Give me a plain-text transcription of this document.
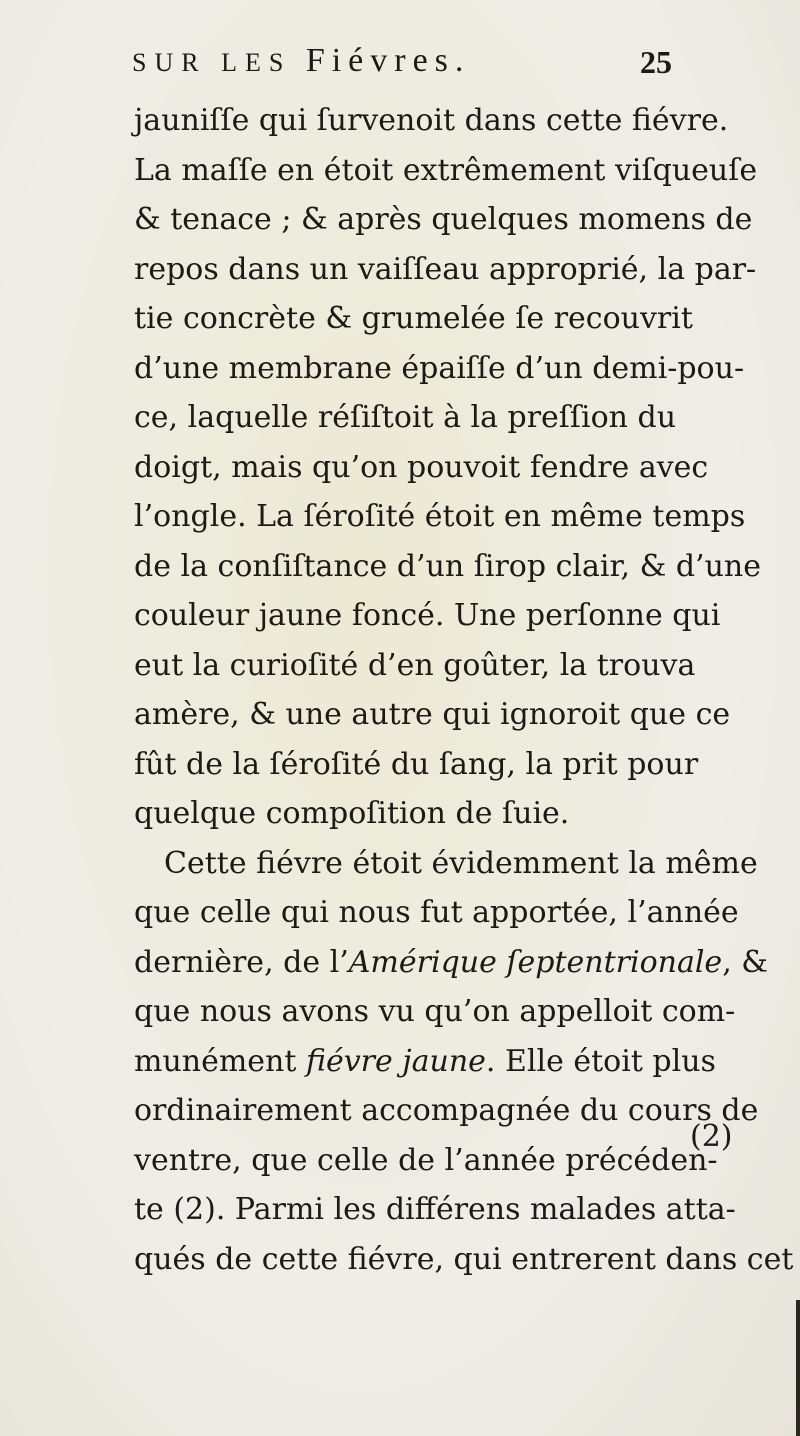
SUR LES Fiévres.	25
jauniſſe qui ſurvenoit dans cette fiévre.
La maſſe en étoit extrêmement viſqueuſe
& tenace ; & après quelques momens de
repos dans un vaiſſeau approprié, la par-
tie concrète & grumelée ſe recouvrit
d’une membrane épaiſſe d’un demi-pou-
ce, laquelle réſiſtoit à la preſſion du
doigt, mais qu’on pouvoit fendre avec
l’ongle. La ſéroſité étoit en même temps
de la conſiſtance d’un ſirop clair, & d’une
couleur jaune foncé. Une perſonne qui
eut la curioſité d’en goûter, la trouva
amère, & une autre qui ignoroit que ce
fût de la ſéroſité du ſang, la prit pour
quelque compoſition de ſuie.
Cette fiévre étoit évidemment la même
que celle qui nous fut apportée, l’année
dernière, de l’Amérique ſeptentrionale, &
que nous avons vu qu’on appelloit com-
munément fiévre jaune. Elle étoit plus
ordinairement accompagnée du cours de
ventre, que celle de l’année précéden-
te (2). Parmi les différens malades atta-
qués de cette fiévre, qui entrerent dans cet
(2)
